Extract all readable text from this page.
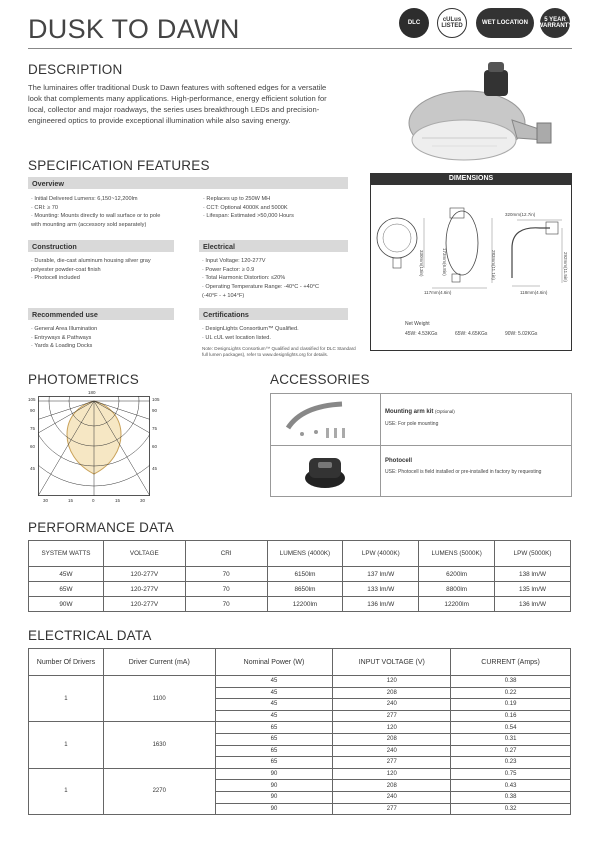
DUSK TO DAWN	DLC	cULus LISTED	WET LOCATION	5 YEAR WARRANTY
DESCRIPTION
The luminaires offer traditional Dusk to Dawn features with softened edges for a versatile look that complements many applications. High-performance, energy efficient solution for local, collector and major roadways, the series uses breakthrough LEDs and precision-engineered optics to provide exceptional illumination while also saving energy.
SPECIFICATION FEATURES
Overview
· Initial Delivered Lumens: 6,150~12,200lm
· CRI: ≥ 70
· Mounting: Mounts directly to wall surface or to pole
with mounting arm (accessory sold separately)
· Replaces up to 250W MH
· CCT: Optional 4000K and 5000K
· Lifespan: Estimated >50,000 Hours
Construction
· Durable, die-cast aluminum housing silver gray
polyester powder-coat finish
· Photocell included
Electrical
· Input Voltage: 120-277V
· Power Factor: ≥ 0.9
· Total Harmonic Distortion: ≤20%
· Operating Temperature Range: -40°C - +40°C
(-40°F - + 104°F)
Recommended use
· General Area Illumination
· Entryways & Pathways
· Yards & Loading Docks
Certifications
· DesignLights Consortium™ Qualified.
· UL cUL wet location listed.
Note: DesignLights Consortium™ Qualified and classified for DLC Standard full lumen packages), refer to www.designlights.org for details.
DIMENSIONS
320mm(12.7in)
330mm(13in)	283mm(11.1in)	292mm(11.5in)
173mm(6.8in)
117mm(4.6in)	118mm(4.6in)
Net Weight
45W: 4.53KGs	65W: 4.65KGs	90W: 5.02KGs
PHOTOMETRICS
180
105
90
75
60
45
105
90
75
60
45
30	15	0	15	30
ACCESSORIES
Mounting arm kit (Optional)
USE: For pole mounting
Photocell
USE: Photocell is field installed or pre-installed in factory by requesting
PERFORMANCE DATA
SYSTEM WATTS	VOLTAGE	CRI	LUMENS (4000K)	LPW (4000K)	LUMENS (5000K)	LPW (5000K)
45W	120-277V	70	6150lm	137 lm/W	6200lm	138 lm/W
65W	120-277V	70	8650lm	133 lm/W	8800lm	135 lm/W
90W	120-277V	70	12200lm	136 lm/W	12200lm	136 lm/W
ELECTRICAL DATA
Number Of Drivers	Driver Current (mA)	Nominal Power (W)	INPUT VOLTAGE (V)	CURRENT (Amps)
1	1100	45	120	0.38
		45	208	0.22
		45	240	0.19
		45	277	0.16
1	1630	65	120	0.54
		65	208	0.31
		65	240	0.27
		65	277	0.23
1	2270	90	120	0.75
		90	208	0.43
		90	240	0.38
		90	277	0.32
